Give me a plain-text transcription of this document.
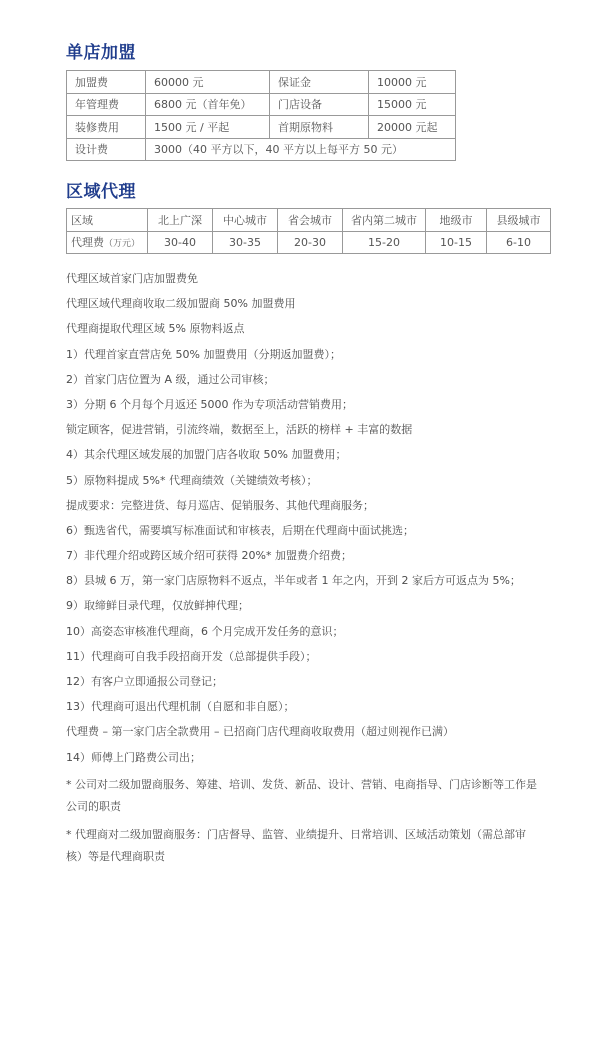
单店加盟
加盟费	60000 元	保证金	10000 元
年管理费	6800 元（首年免）	门店设备	15000 元
装修费用	1500 元 / 平起	首期原物料	20000 元起
设计费	3000（40 平方以下，40 平方以上每平方 50 元）		
区域代理
区域	北上广深	中心城市	省会城市	省内第二城市	地级市	县级城市
代理费（万元）	30-40	30-35	20-30	15-20	10-15	6-10
代理区域首家门店加盟费免
代理区域代理商收取二级加盟商 50% 加盟费用
代理商提取代理区域 5% 原物料返点
1）代理首家直营店免 50% 加盟费用（分期返加盟费）；
2）首家门店位置为 A 级，通过公司审核；
3）分期 6 个月每个月返还 5000 作为专项活动营销费用；
锁定顾客，促进营销，引流终端，数据至上，活跃的榜样 + 丰富的数据
4）其余代理区域发展的加盟门店各收取 50% 加盟费用；
5）原物料提成 5%* 代理商绩效（关键绩效考核）；
提成要求：完整进货、每月巡店、促销服务、其他代理商服务；
6）甄选省代，需要填写标准面试和审核表，后期在代理商中面试挑选；
7）非代理介绍或跨区域介绍可获得 20%* 加盟费介绍费；
8）县城 6 万，第一家门店原物料不返点，半年或者 1 年之内，开到 2 家后方可返点为 5%；
9）取缔鲜目录代理，仅放鲜抻代理；
10）高姿态审核准代理商，6 个月完成开发任务的意识；
11）代理商可自我手段招商开发（总部提供手段）；
12）有客户立即通报公司登记；
13）代理商可退出代理机制（自愿和非自愿）；
代理费 – 第一家门店全款费用 – 已招商门店代理商收取费用（超过则视作已满）
14）师傅上门路费公司出；
* 公司对二级加盟商服务、筹建、培训、发货、新品、设计、营销、电商指导、门店诊断等工作是公司的职责
* 代理商对二级加盟商服务：门店督导、监管、业绩提升、日常培训、区域活动策划（需总部审核）等是代理商职责
